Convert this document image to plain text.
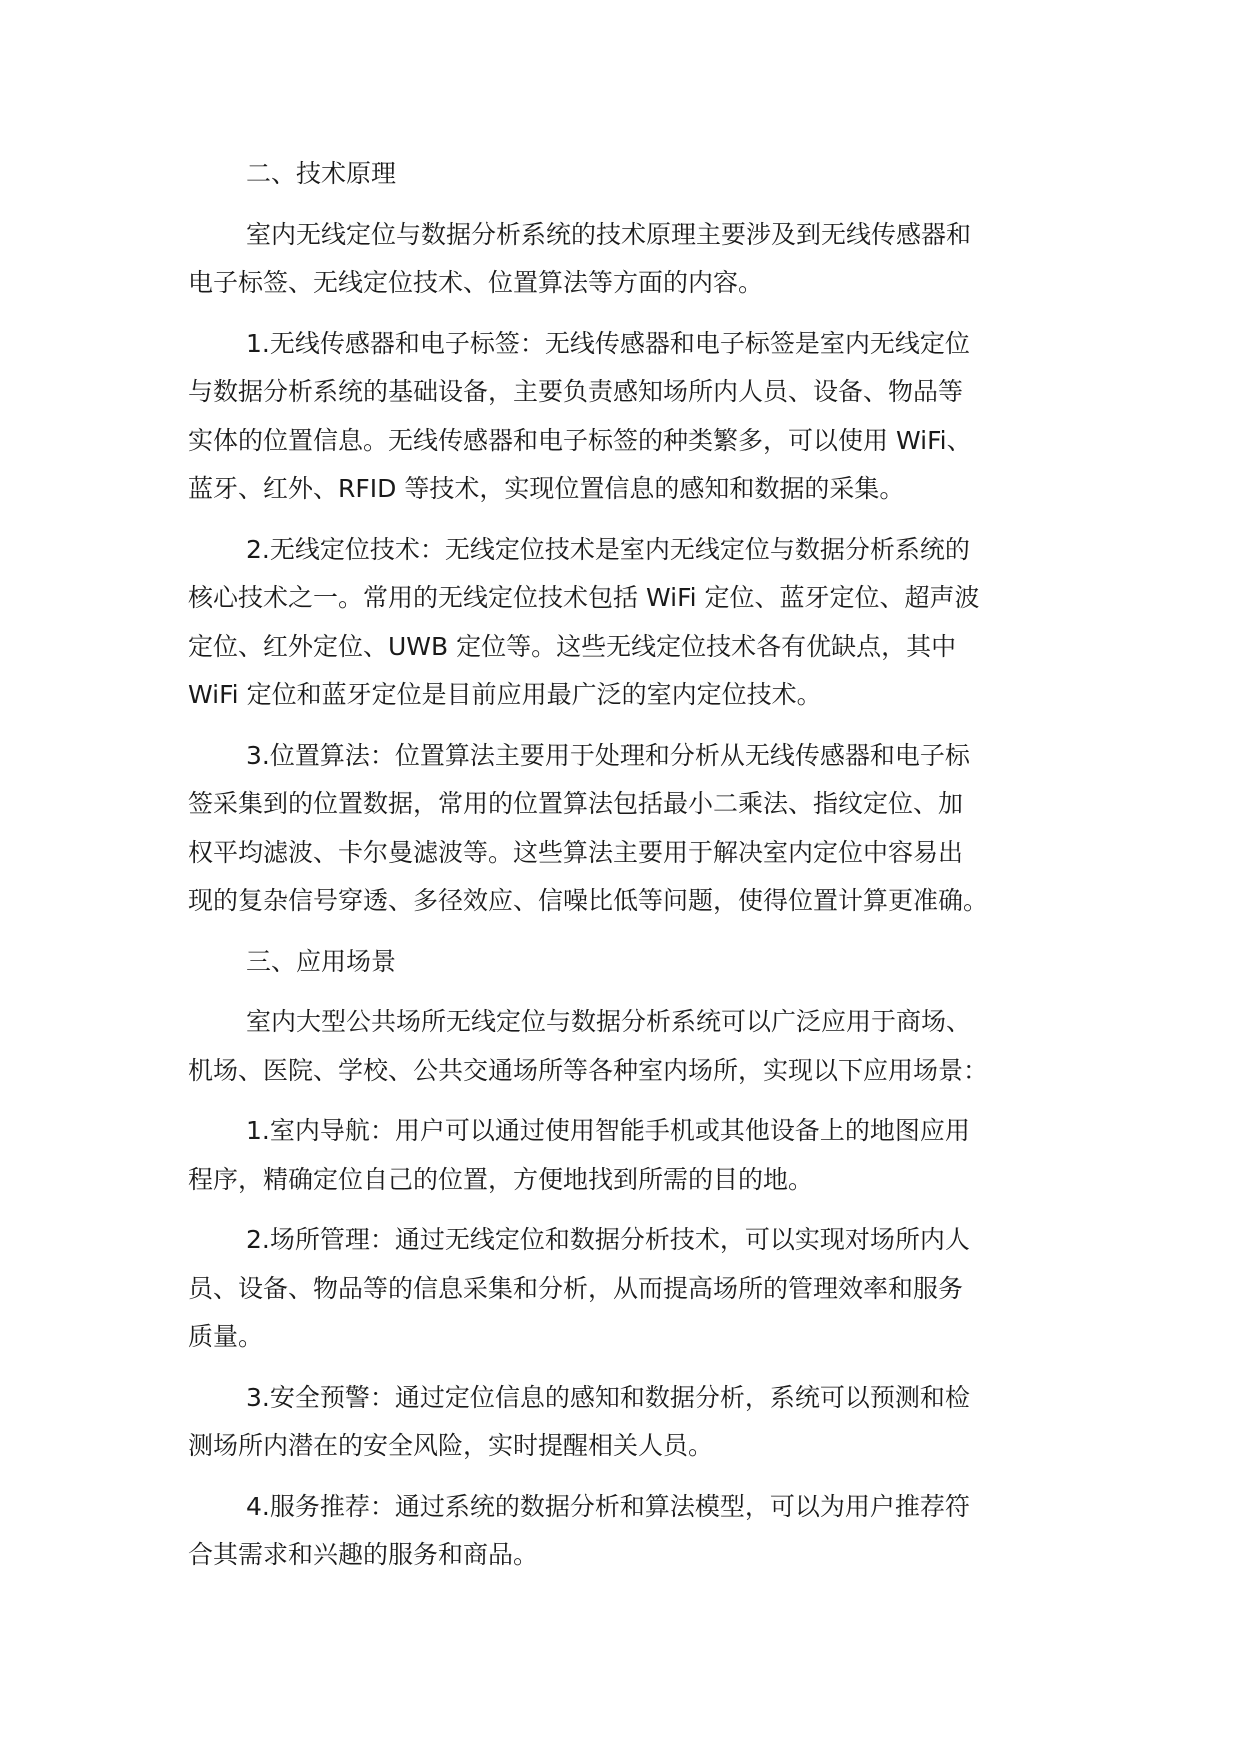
二、技术原理
室内无线定位与数据分析系统的技术原理主要涉及到无线传感器和
电子标签、无线定位技术、位置算法等方面的内容。
1.无线传感器和电子标签：无线传感器和电子标签是室内无线定位
与数据分析系统的基础设备，主要负责感知场所内人员、设备、物品等
实体的位置信息。无线传感器和电子标签的种类繁多，可以使用 WiFi、
蓝牙、红外、RFID 等技术，实现位置信息的感知和数据的采集。
2.无线定位技术：无线定位技术是室内无线定位与数据分析系统的
核心技术之一。常用的无线定位技术包括 WiFi 定位、蓝牙定位、超声波
定位、红外定位、UWB 定位等。这些无线定位技术各有优缺点，其中
WiFi 定位和蓝牙定位是目前应用最广泛的室内定位技术。
3.位置算法：位置算法主要用于处理和分析从无线传感器和电子标
签采集到的位置数据，常用的位置算法包括最小二乘法、指纹定位、加
权平均滤波、卡尔曼滤波等。这些算法主要用于解决室内定位中容易出
现的复杂信号穿透、多径效应、信噪比低等问题，使得位置计算更准确。
三、应用场景
室内大型公共场所无线定位与数据分析系统可以广泛应用于商场、
机场、医院、学校、公共交通场所等各种室内场所，实现以下应用场景：
1.室内导航：用户可以通过使用智能手机或其他设备上的地图应用
程序，精确定位自己的位置，方便地找到所需的目的地。
2.场所管理：通过无线定位和数据分析技术，可以实现对场所内人
员、设备、物品等的信息采集和分析，从而提高场所的管理效率和服务
质量。
3.安全预警：通过定位信息的感知和数据分析，系统可以预测和检
测场所内潜在的安全风险，实时提醒相关人员。
4.服务推荐：通过系统的数据分析和算法模型，可以为用户推荐符
合其需求和兴趣的服务和商品。
